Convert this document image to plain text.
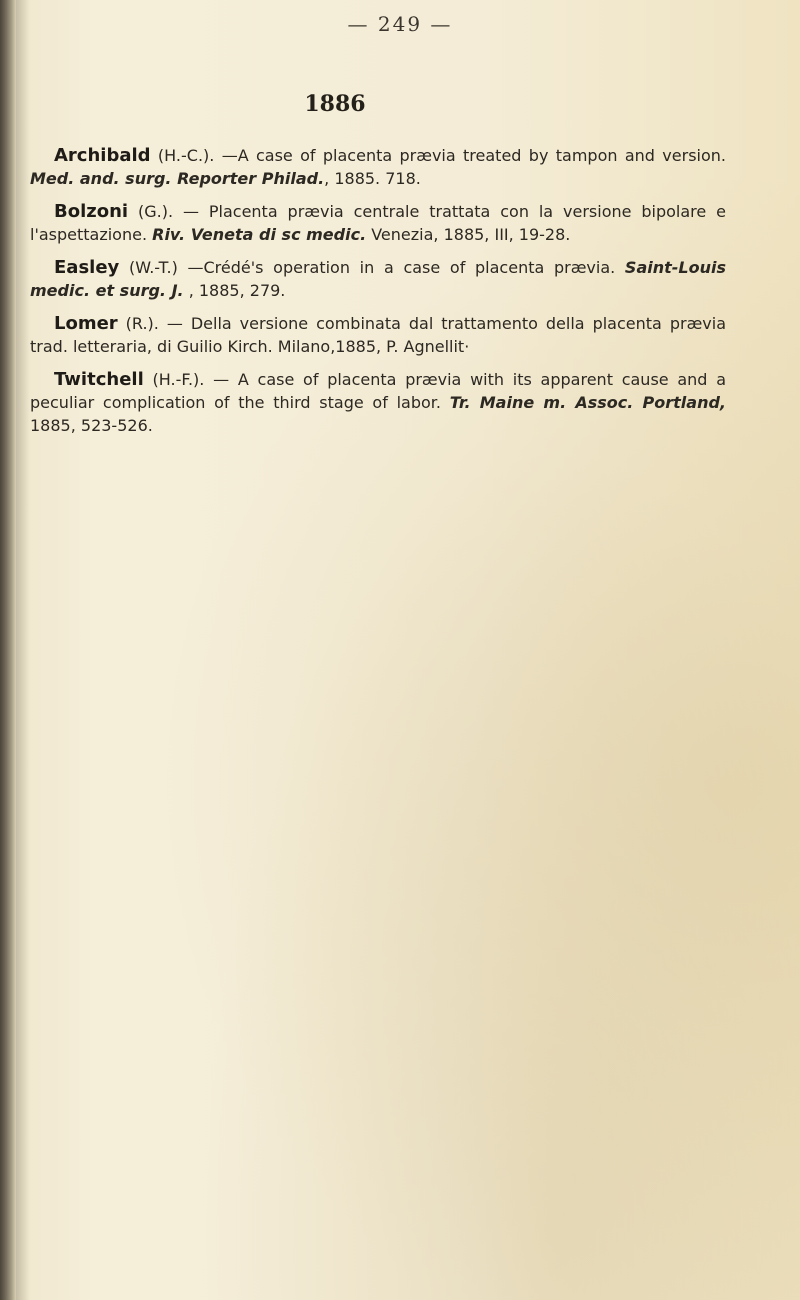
— 249 —
1886

Archibald (H.-C.). —A case of placenta prævia treated by tampon and version. Med. and. surg. Reporter Philad., 1885. 718.

Bolzoni (G.). — Placenta prævia centrale trattata con la versione bipolare e l'aspettazione. Riv. Veneta di sc medic. Venezia, 1885, III, 19-28.

Easley (W.-T.) —Crédé's operation in a case of placenta prævia. Saint-Louis medic. et surg. J. , 1885, 279.

Lomer (R.). — Della versione combinata dal trattamento della placenta prævia trad. letteraria, di Guilio Kirch. Milano,1885, P. Agnellit·

Twitchell (H.-F.). — A case of placenta prævia with its apparent cause and a peculiar complication of the third stage of labor. Tr. Maine m. Assoc. Portland, 1885, 523-526.
